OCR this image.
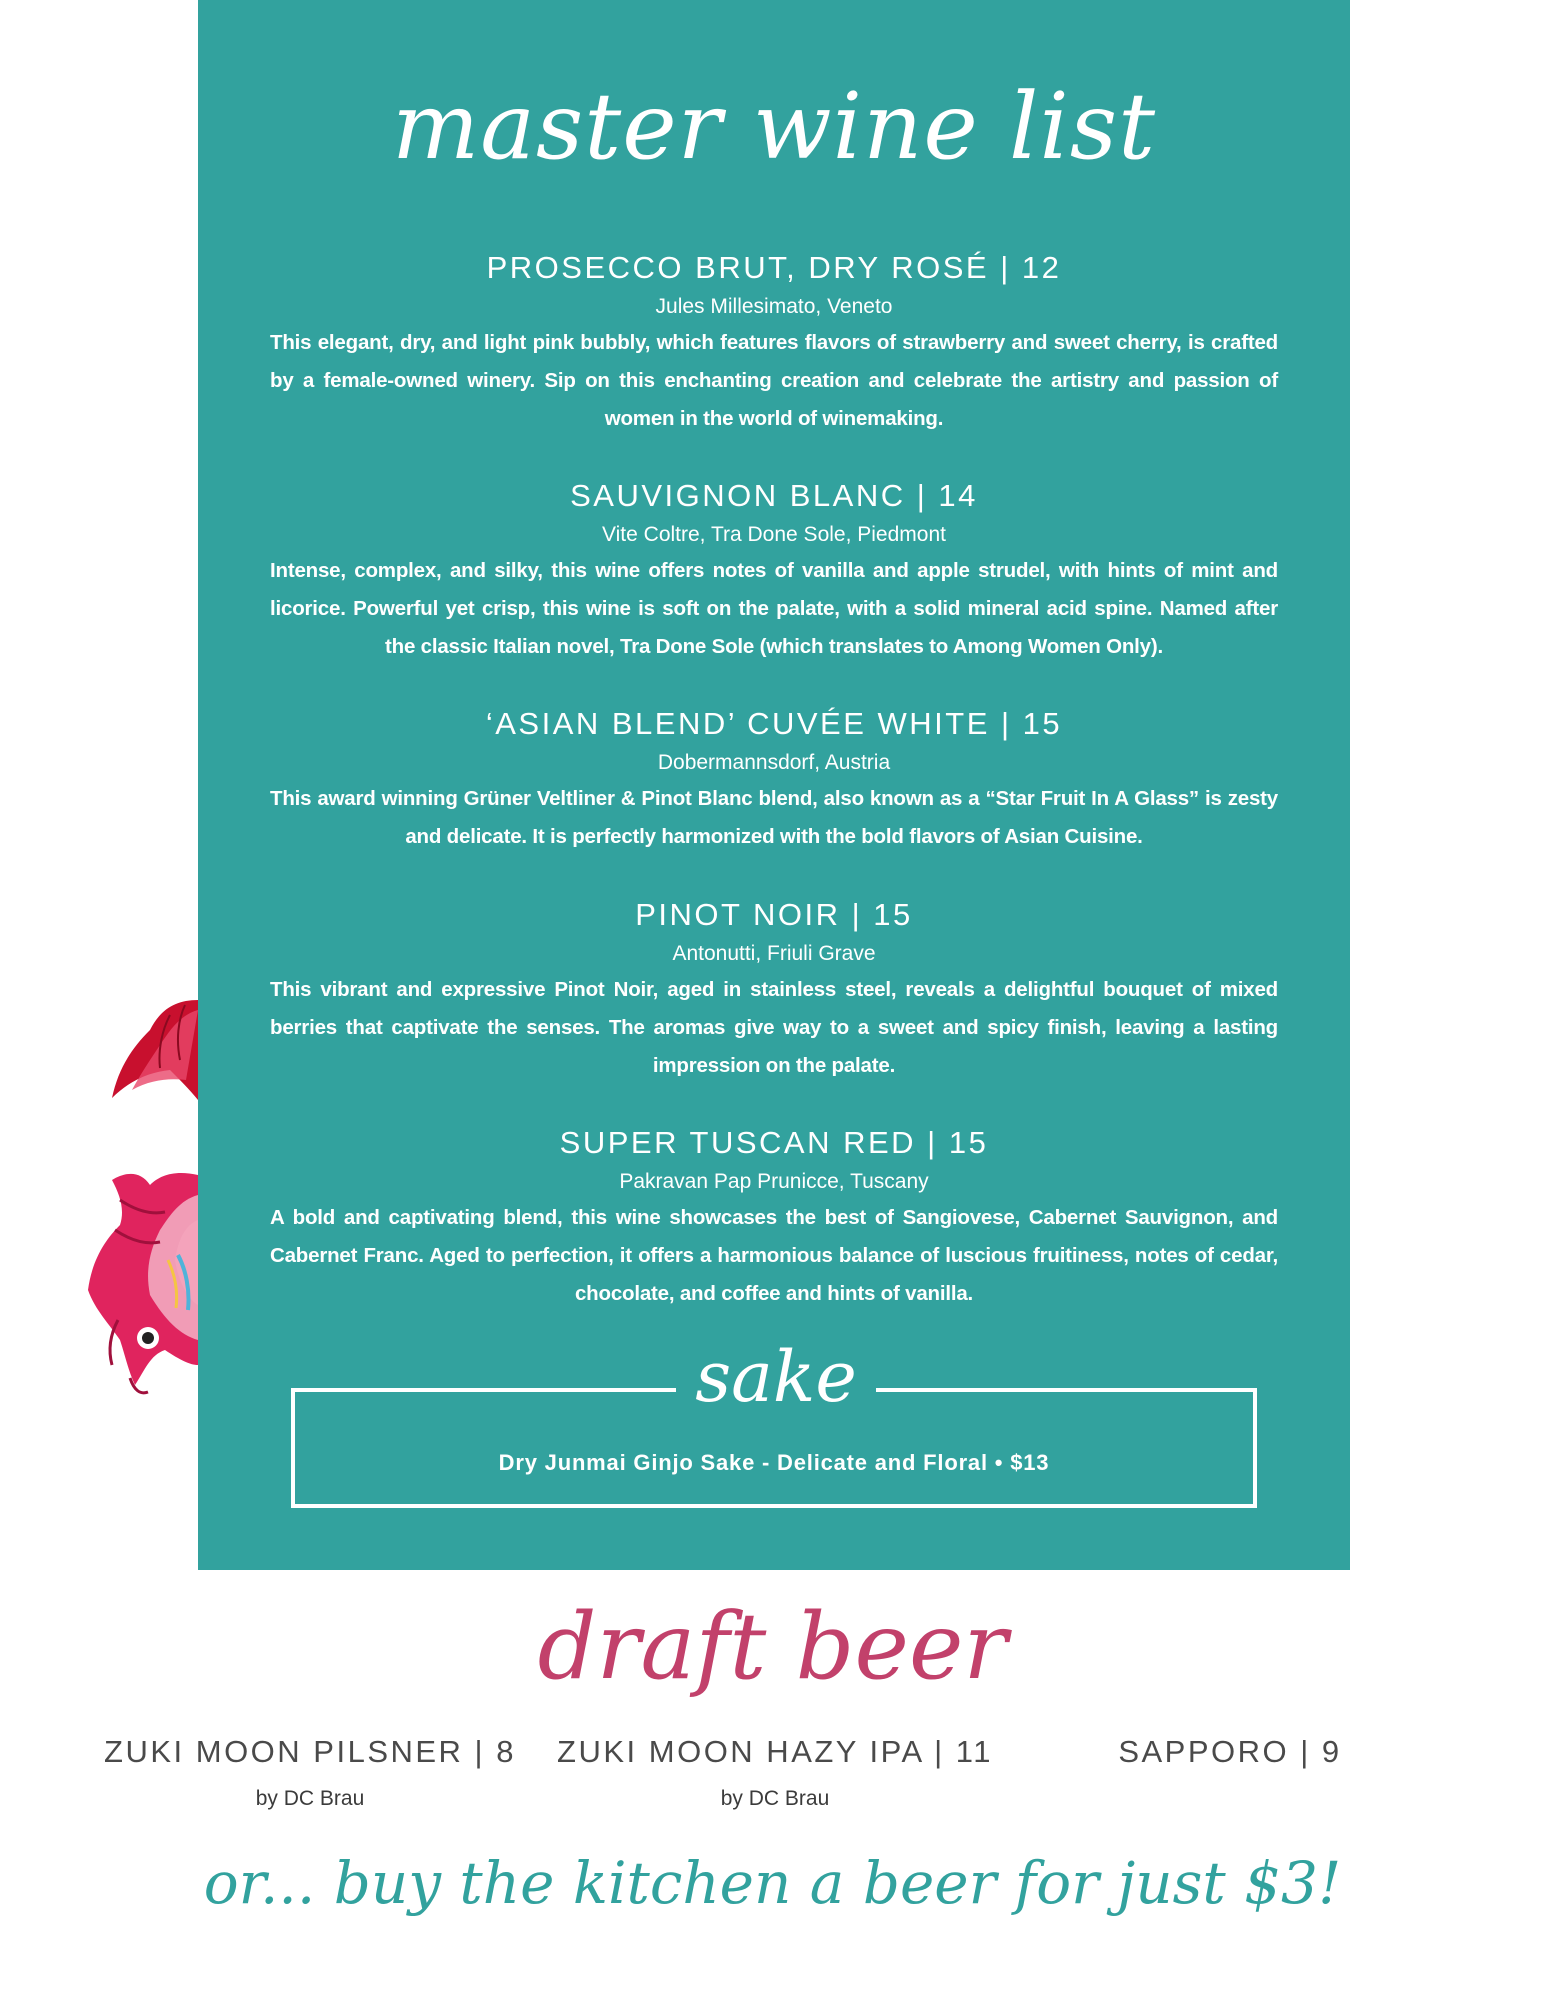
master wine list
PROSECCO BRUT, DRY ROSÉ | 12
Jules Millesimato, Veneto
This elegant, dry, and light pink bubbly, which features flavors of strawberry and sweet cherry, is crafted by a female-owned winery. Sip on this enchanting creation and celebrate the artistry and passion of women in the world of winemaking.
SAUVIGNON BLANC | 14
Vite Coltre, Tra Done Sole, Piedmont
Intense, complex, and silky, this wine offers notes of vanilla and apple strudel, with hints of mint and licorice. Powerful yet crisp, this wine is soft on the palate, with a solid mineral acid spine. Named after the classic Italian novel, Tra Done Sole (which translates to Among Women Only).
‘ASIAN BLEND’ CUVÉE WHITE | 15
Dobermannsdorf, Austria
This award winning Grüner Veltliner & Pinot Blanc blend, also known as a “Star Fruit In A Glass” is zesty and delicate. It is perfectly harmonized with the bold flavors of Asian Cuisine.
PINOT NOIR | 15
Antonutti, Friuli Grave
This vibrant and expressive Pinot Noir, aged in stainless steel, reveals a delightful bouquet of mixed berries that captivate the senses. The aromas give way to a sweet and spicy finish, leaving a lasting impression on the palate.
SUPER TUSCAN RED | 15
Pakravan Pap Prunicce, Tuscany
A bold and captivating blend, this wine showcases the best of Sangiovese, Cabernet Sauvignon, and Cabernet Franc. Aged to perfection, it offers a harmonious balance of luscious fruitiness, notes of cedar, chocolate, and coffee and hints of vanilla.
sake
Dry Junmai Ginjo Sake - Delicate and Floral • $13
draft beer
ZUKI MOON PILSNER | 8
by DC Brau
ZUKI MOON HAZY IPA | 11
by DC Brau
SAPPORO | 9
or... buy the kitchen a beer for just $3!
